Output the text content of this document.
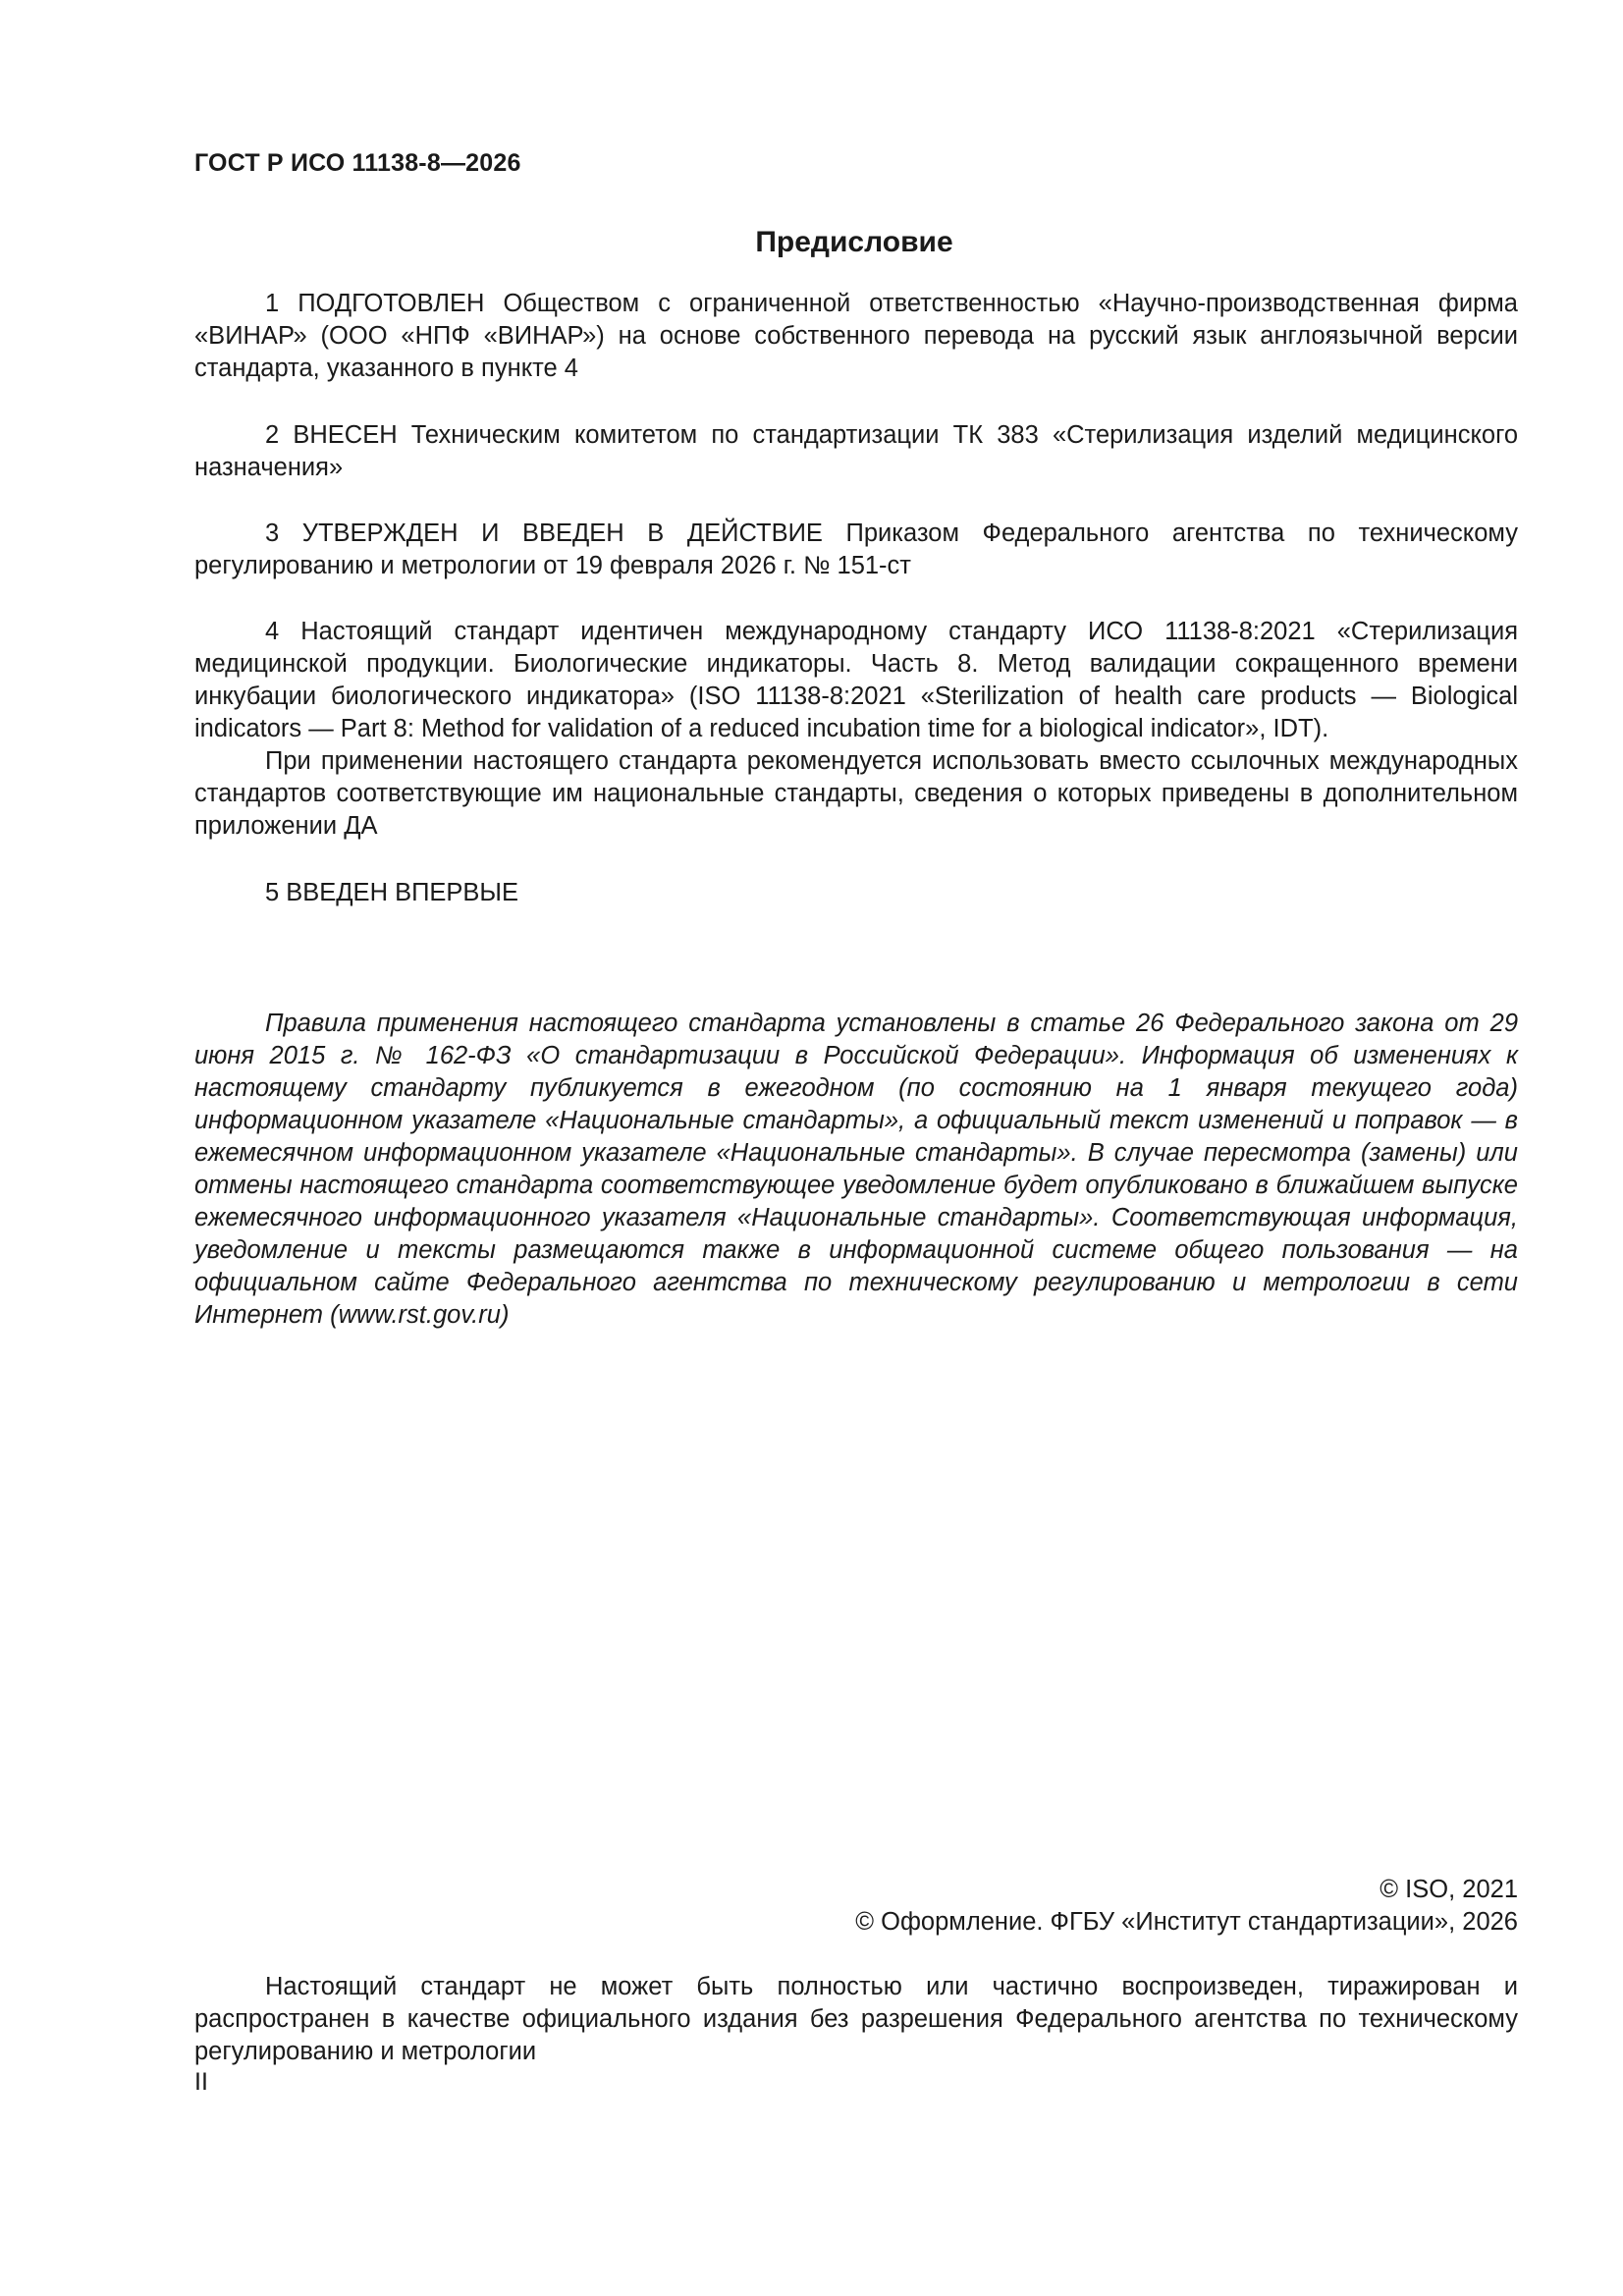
ГОСТ Р ИСО 11138-8—2026
Предисловие

1 ПОДГОТОВЛЕН Обществом с ограниченной ответственностью «Научно-производственная фирма «ВИНАР» (ООО «НПФ «ВИНАР») на основе собственного перевода на русский язык англоязычной версии стандарта, указанного в пункте 4

2 ВНЕСЕН Техническим комитетом по стандартизации ТК 383 «Стерилизация изделий медицинского назначения»

3 УТВЕРЖДЕН И ВВЕДЕН В ДЕЙСТВИЕ Приказом Федерального агентства по техническому регулированию и метрологии от 19 февраля 2026 г. № 151-ст

4 Настоящий стандарт идентичен международному стандарту ИСО 11138-8:2021 «Стерилизация медицинской продукции. Биологические индикаторы. Часть 8. Метод валидации сокращенного времени инкубации биологического индикатора» (ISO 11138-8:2021 «Sterilization of health care products — Biological indicators — Part 8: Method for validation of a reduced incubation time for a biological indicator», IDT).

При применении настоящего стандарта рекомендуется использовать вместо ссылочных международных стандартов соответствующие им национальные стандарты, сведения о которых приведены в дополнительном приложении ДА

5 ВВЕДЕН ВПЕРВЫЕ

Правила применения настоящего стандарта установлены в статье 26 Федерального закона от 29 июня 2015 г. № 162-ФЗ «О стандартизации в Российской Федерации». Информация об изменениях к настоящему стандарту публикуется в ежегодном (по состоянию на 1 января текущего года) информационном указателе «Национальные стандарты», а официальный текст изменений и поправок — в ежемесячном информационном указателе «Национальные стандарты». В случае пересмотра (замены) или отмены настоящего стандарта соответствующее уведомление будет опубликовано в ближайшем выпуске ежемесячного информационного указателя «Национальные стандарты». Соответствующая информация, уведомление и тексты размещаются также в информационной системе общего пользования — на официальном сайте Федерального агентства по техническому регулированию и метрологии в сети Интернет (www.rst.gov.ru)

© ISO, 2021
© Оформление. ФГБУ «Институт стандартизации», 2026

Настоящий стандарт не может быть полностью или частично воспроизведен, тиражирован и распространен в качестве официального издания без разрешения Федерального агентства по техническому регулированию и метрологии

II
